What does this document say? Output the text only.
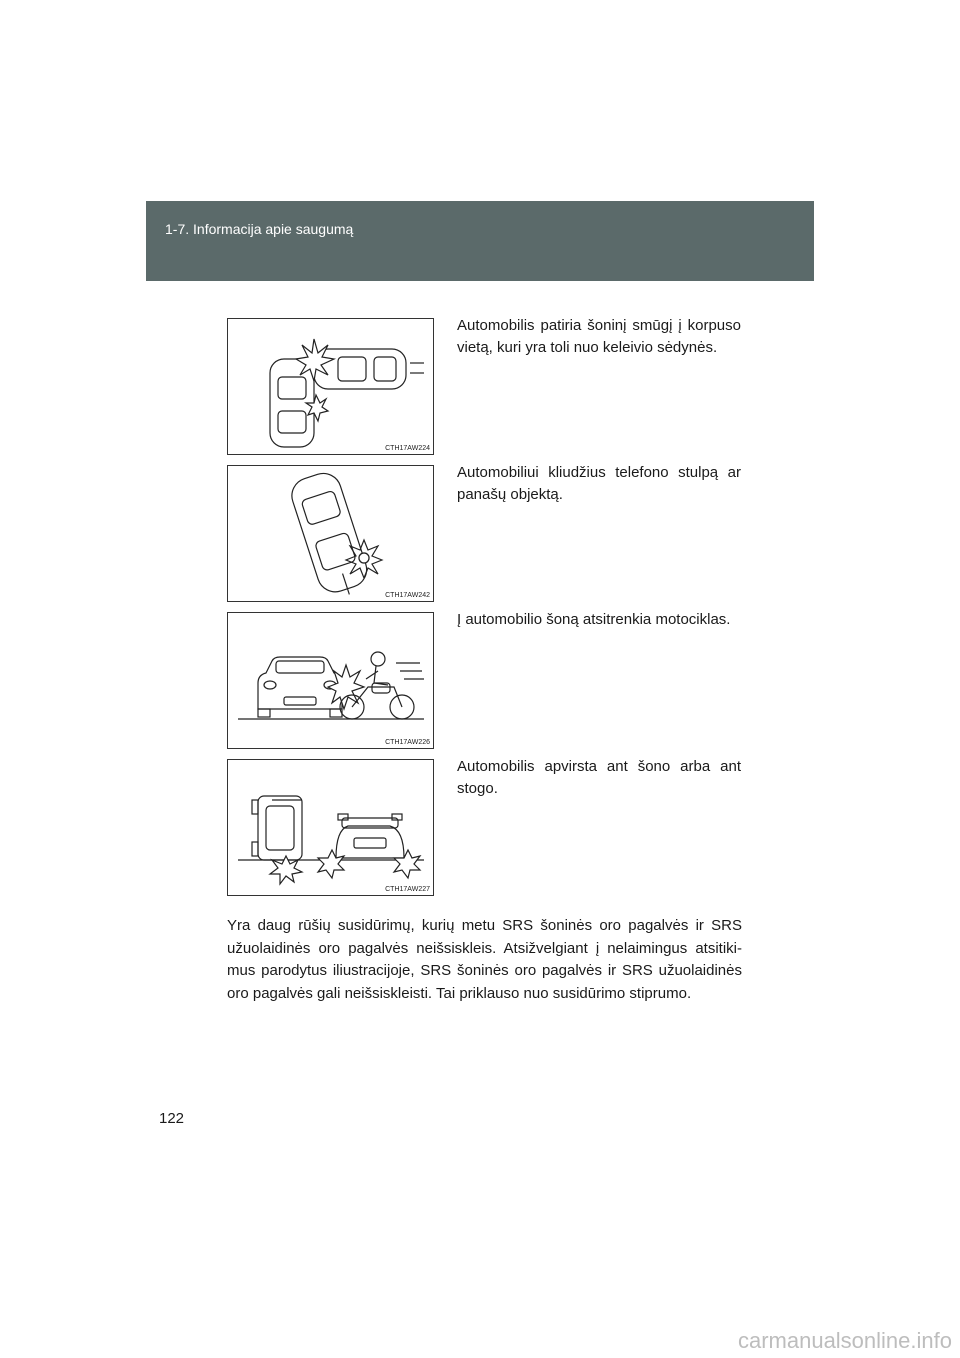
1-7. Informacija apie saugumą
CTH17AW224
Automobilis patiria šoninį smūgį į korpuso vietą, kuri yra toli nuo keleivio sėdynės.
CTH17AW242
Automobiliui kliudžius telefono stulpą ar panašų objektą.
CTH17AW226
Į automobilio šoną atsitrenkia motociklas.
CTH17AW227
Automobilis apvirsta ant šono arba ant stogo.
Yra daug rūšių susidūrimų, kurių metu SRS šoninės oro pagalvės ir SRS užuolaidinės oro pagalvės neišsiskleis. Atsižvelgiant į nelaimingus atsitiki-mus parodytus iliustracijoje, SRS šoninės oro pagalvės ir SRS užuolaidinės oro pagalvės gali neišsiskleisti. Tai priklauso nuo susidūrimo stiprumo.
122
carmanualsonline.info
